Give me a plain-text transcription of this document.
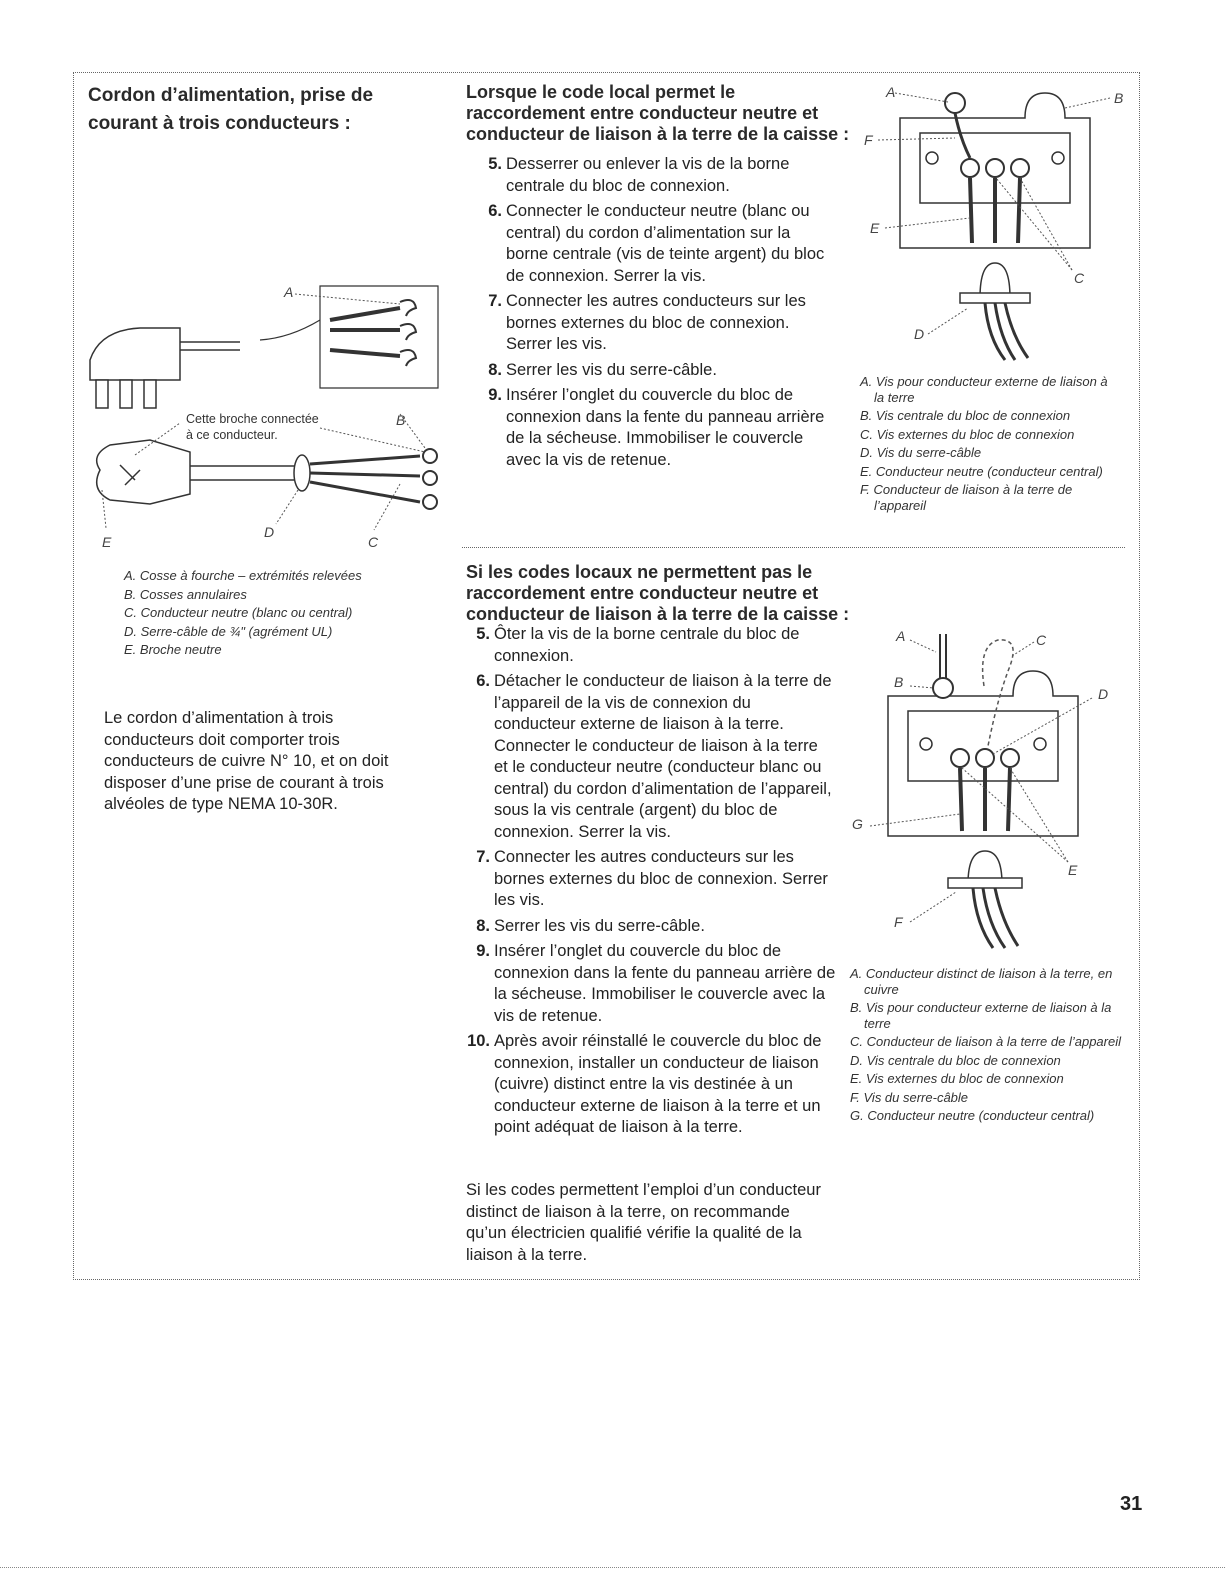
Cordon d’alimentation, prise de courant à trois conducteurs :
A
B
C
D
E
Cette broche connectée
à ce conducteur.
A. Cosse à fourche – extrémités relevées
B. Cosses annulaires
C. Conducteur neutre (blanc ou central)
D. Serre-câble de ¾" (agrément UL)
E. Broche neutre
Le cordon d’alimentation à trois conducteurs doit comporter trois conducteurs de cuivre N° 10, et on doit disposer d’une prise de courant à trois alvéoles de type NEMA 10-30R.
Lorsque le code local permet le raccordement entre conducteur neutre et conducteur de liaison à la terre de la caisse :
5. Desserrer ou enlever la vis de la borne centrale du bloc de connexion.
6. Connecter le conducteur neutre (blanc ou central) du cordon d’alimentation sur la borne centrale (vis de teinte argent) du bloc de connexion. Serrer la vis.
7. Connecter les autres conducteurs sur les bornes externes du bloc de connexion. Serrer les vis.
8. Serrer les vis du serre-câble.
9. Insérer l’onglet du couvercle du bloc de connexion dans la fente du panneau arrière de la sécheuse. Immobiliser le couvercle avec la vis de retenue.
A	B
C
D
E
F
A. Vis pour conducteur externe de liaison à la terre
B. Vis centrale du bloc de connexion
C. Vis externes du bloc de connexion
D. Vis du serre-câble
E. Conducteur neutre (conducteur central)
F. Conducteur de liaison à la terre de l’appareil
Si les codes locaux ne permettent pas le raccordement entre conducteur neutre et conducteur de liaison à la terre de la caisse :
5. Ôter la vis de la borne centrale du bloc de connexion.
6. Détacher le conducteur de liaison à la terre de l’appareil de la vis de connexion du conducteur externe de liaison à la terre. Connecter le conducteur de liaison à la terre et le conducteur neutre (conducteur blanc ou central) du cordon d’alimentation de l’appareil, sous la vis centrale (argent) du bloc de connexion. Serrer la vis.
7. Connecter les autres conducteurs sur les bornes externes du bloc de connexion. Serrer les vis.
8. Serrer les vis du serre-câble.
9. Insérer l’onglet du couvercle du bloc de connexion dans la fente du panneau arrière de la sécheuse. Immobiliser le couvercle avec la vis de retenue.
10. Après avoir réinstallé le couvercle du bloc de connexion, installer un conducteur de liaison (cuivre) distinct entre la vis destinée à un conducteur externe de liaison à la terre et un point adéquat de liaison à la terre.
Si les codes permettent l’emploi d’un conducteur distinct de liaison à la terre, on recommande qu’un électricien qualifié vérifie la qualité de la liaison à la terre.
A
B
C
D
E
F
G
A. Conducteur distinct de liaison à la terre, en cuivre
B. Vis pour conducteur externe de liaison à la terre
C. Conducteur de liaison à la terre de l’appareil
D. Vis centrale du bloc de connexion
E. Vis externes du bloc de connexion
F. Vis du serre-câble
G. Conducteur neutre (conducteur central)
31
